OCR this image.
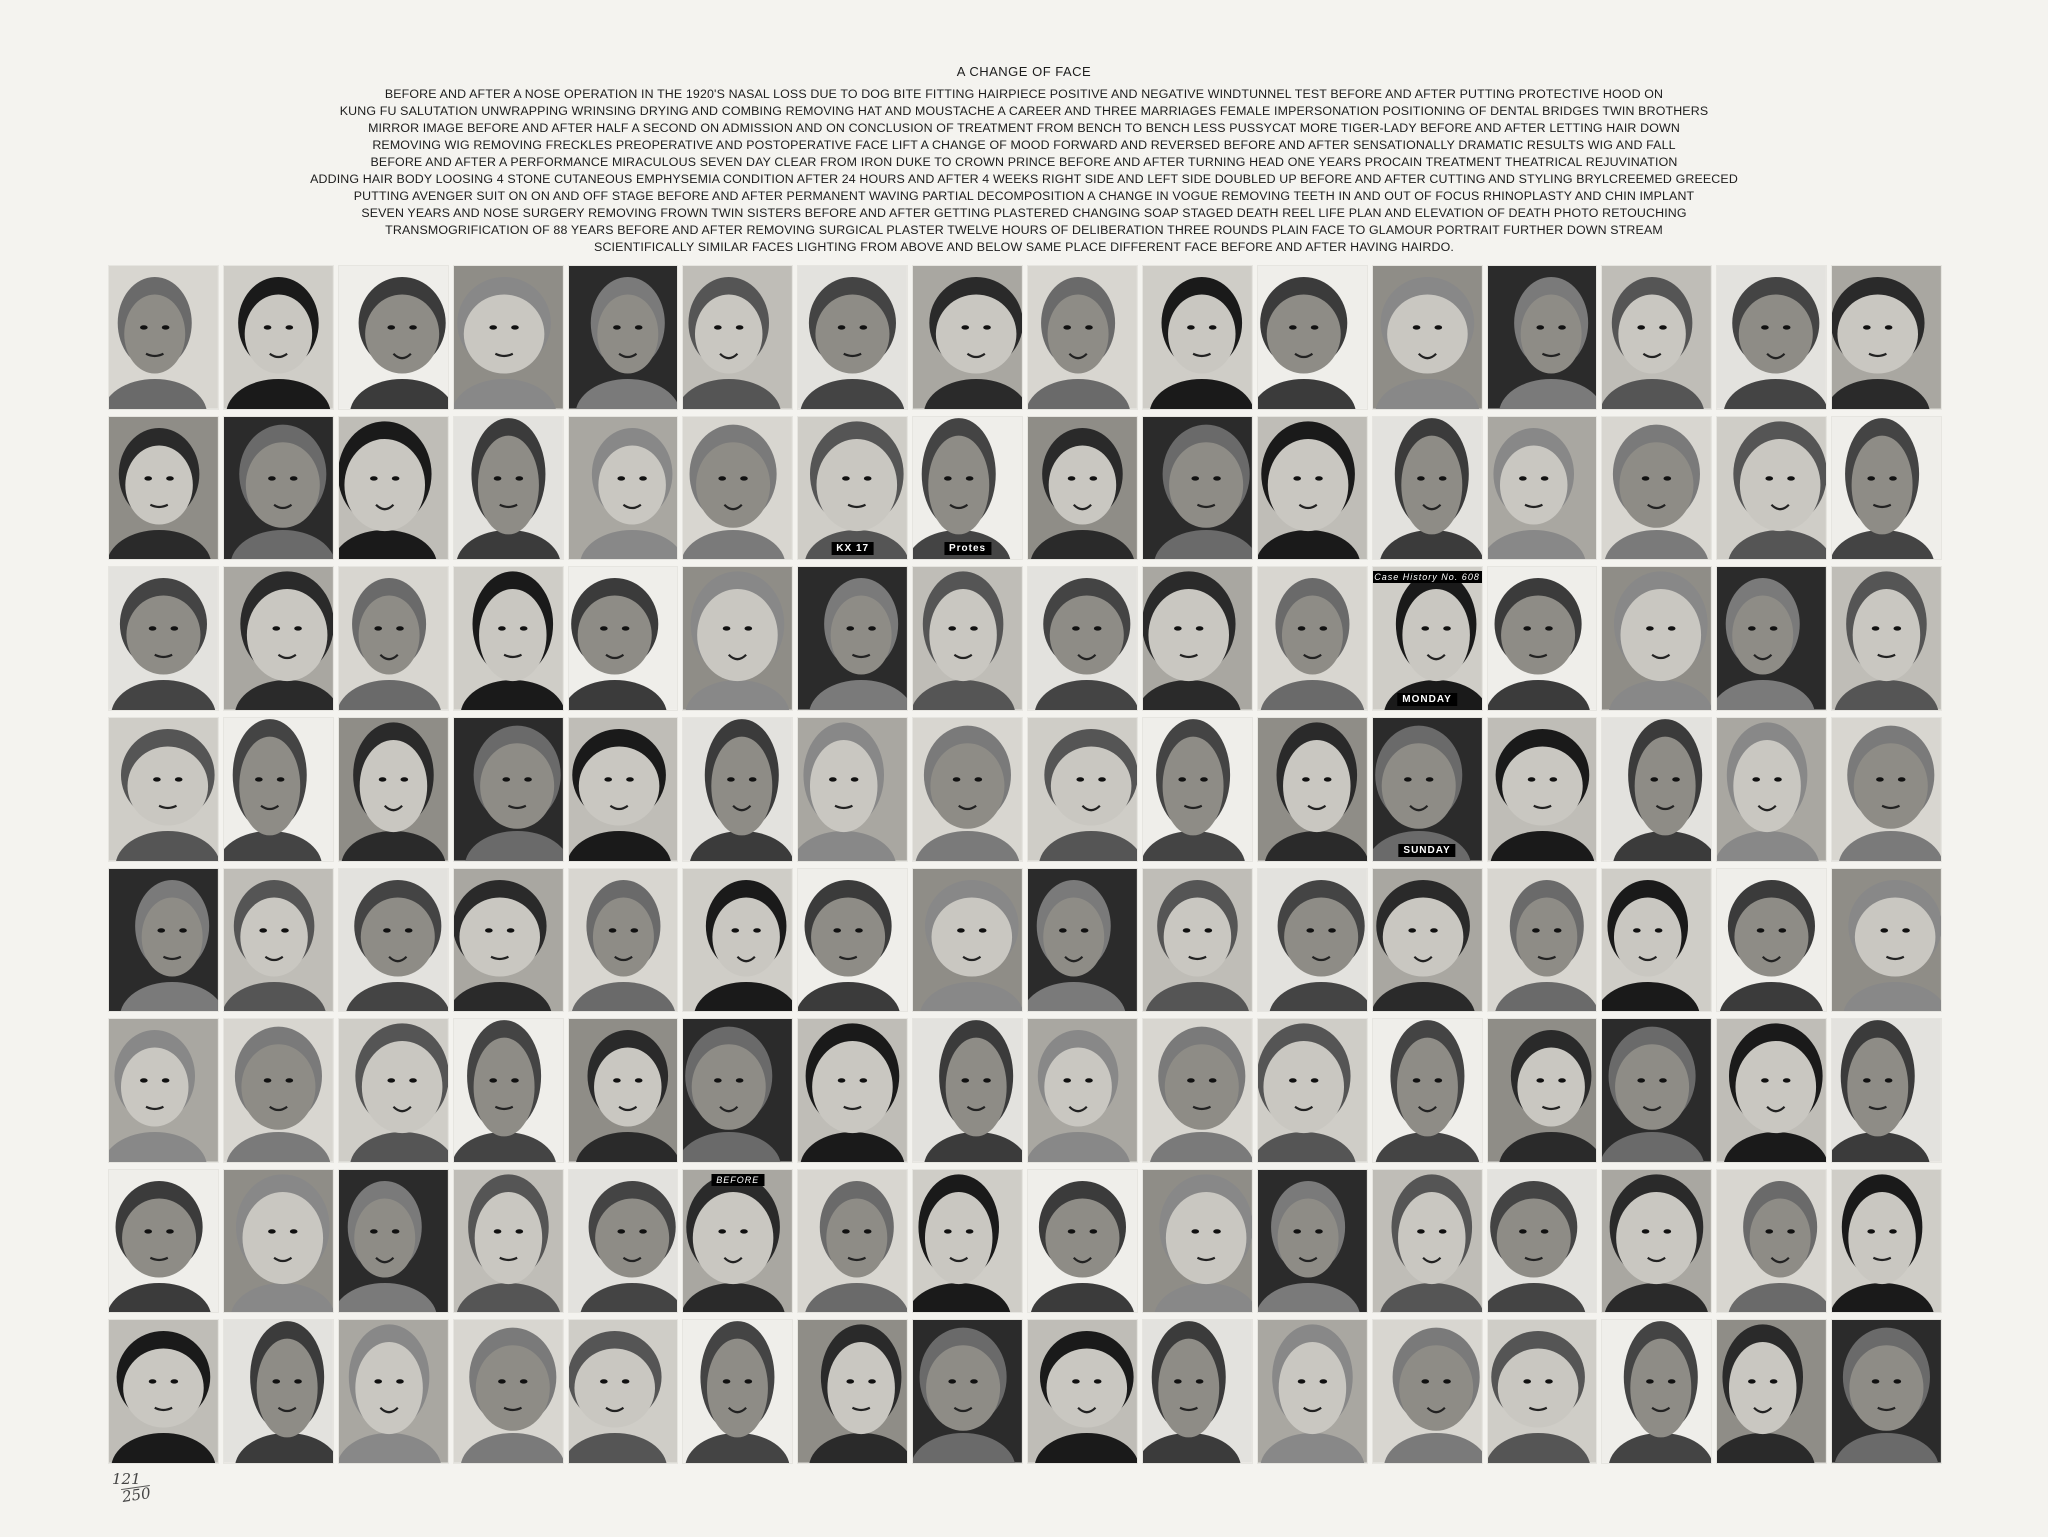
A CHANGE OF FACE
BEFORE AND AFTER A NOSE OPERATION IN THE 1920'S NASAL LOSS DUE TO DOG BITE FITTING HAIRPIECE POSITIVE AND NEGATIVE WINDTUNNEL TEST BEFORE AND AFTER PUTTING PROTECTIVE HOOD ON
KUNG FU SALUTATION UNWRAPPING WRINSING DRYING AND COMBING REMOVING HAT AND MOUSTACHE A CAREER AND THREE MARRIAGES FEMALE IMPERSONATION POSITIONING OF DENTAL BRIDGES TWIN BROTHERS
MIRROR IMAGE BEFORE AND AFTER HALF A SECOND ON ADMISSION AND ON CONCLUSION OF TREATMENT FROM BENCH TO BENCH LESS PUSSYCAT MORE TIGER-LADY BEFORE AND AFTER LETTING HAIR DOWN
REMOVING WIG REMOVING FRECKLES PREOPERATIVE AND POSTOPERATIVE FACE LIFT A CHANGE OF MOOD FORWARD AND REVERSED BEFORE AND AFTER SENSATIONALLY DRAMATIC RESULTS WIG AND FALL
BEFORE AND AFTER A PERFORMANCE MIRACULOUS SEVEN DAY CLEAR FROM IRON DUKE TO CROWN PRINCE BEFORE AND AFTER TURNING HEAD ONE YEARS PROCAIN TREATMENT THEATRICAL REJUVINATION
ADDING HAIR BODY LOOSING 4 STONE CUTANEOUS EMPHYSEMIA CONDITION AFTER 24 HOURS AND AFTER 4 WEEKS RIGHT SIDE AND LEFT SIDE DOUBLED UP BEFORE AND AFTER CUTTING AND STYLING BRYLCREEMED GREECED
PUTTING AVENGER SUIT ON ON AND OFF STAGE BEFORE AND AFTER PERMANENT WAVING PARTIAL DECOMPOSITION A CHANGE IN VOGUE REMOVING TEETH IN AND OUT OF FOCUS RHINOPLASTY AND CHIN IMPLANT
SEVEN YEARS AND NOSE SURGERY REMOVING FROWN TWIN SISTERS BEFORE AND AFTER GETTING PLASTERED CHANGING SOAP STAGED DEATH REEL LIFE PLAN AND ELEVATION OF DEATH PHOTO RETOUCHING
TRANSMOGRIFICATION OF 88 YEARS BEFORE AND AFTER REMOVING SURGICAL PLASTER TWELVE HOURS OF DELIBERATION THREE ROUNDS PLAIN FACE TO GLAMOUR PORTRAIT FURTHER DOWN STREAM
SCIENTIFICALLY SIMILAR FACES LIGHTING FROM ABOVE AND BELOW SAME PLACE DIFFERENT FACE BEFORE AND AFTER HAVING HAIRDO.
KX 17	Protes
Case History No. 608
MONDAY
SUNDAY
BEFORE
$\frac{121}{250}$
